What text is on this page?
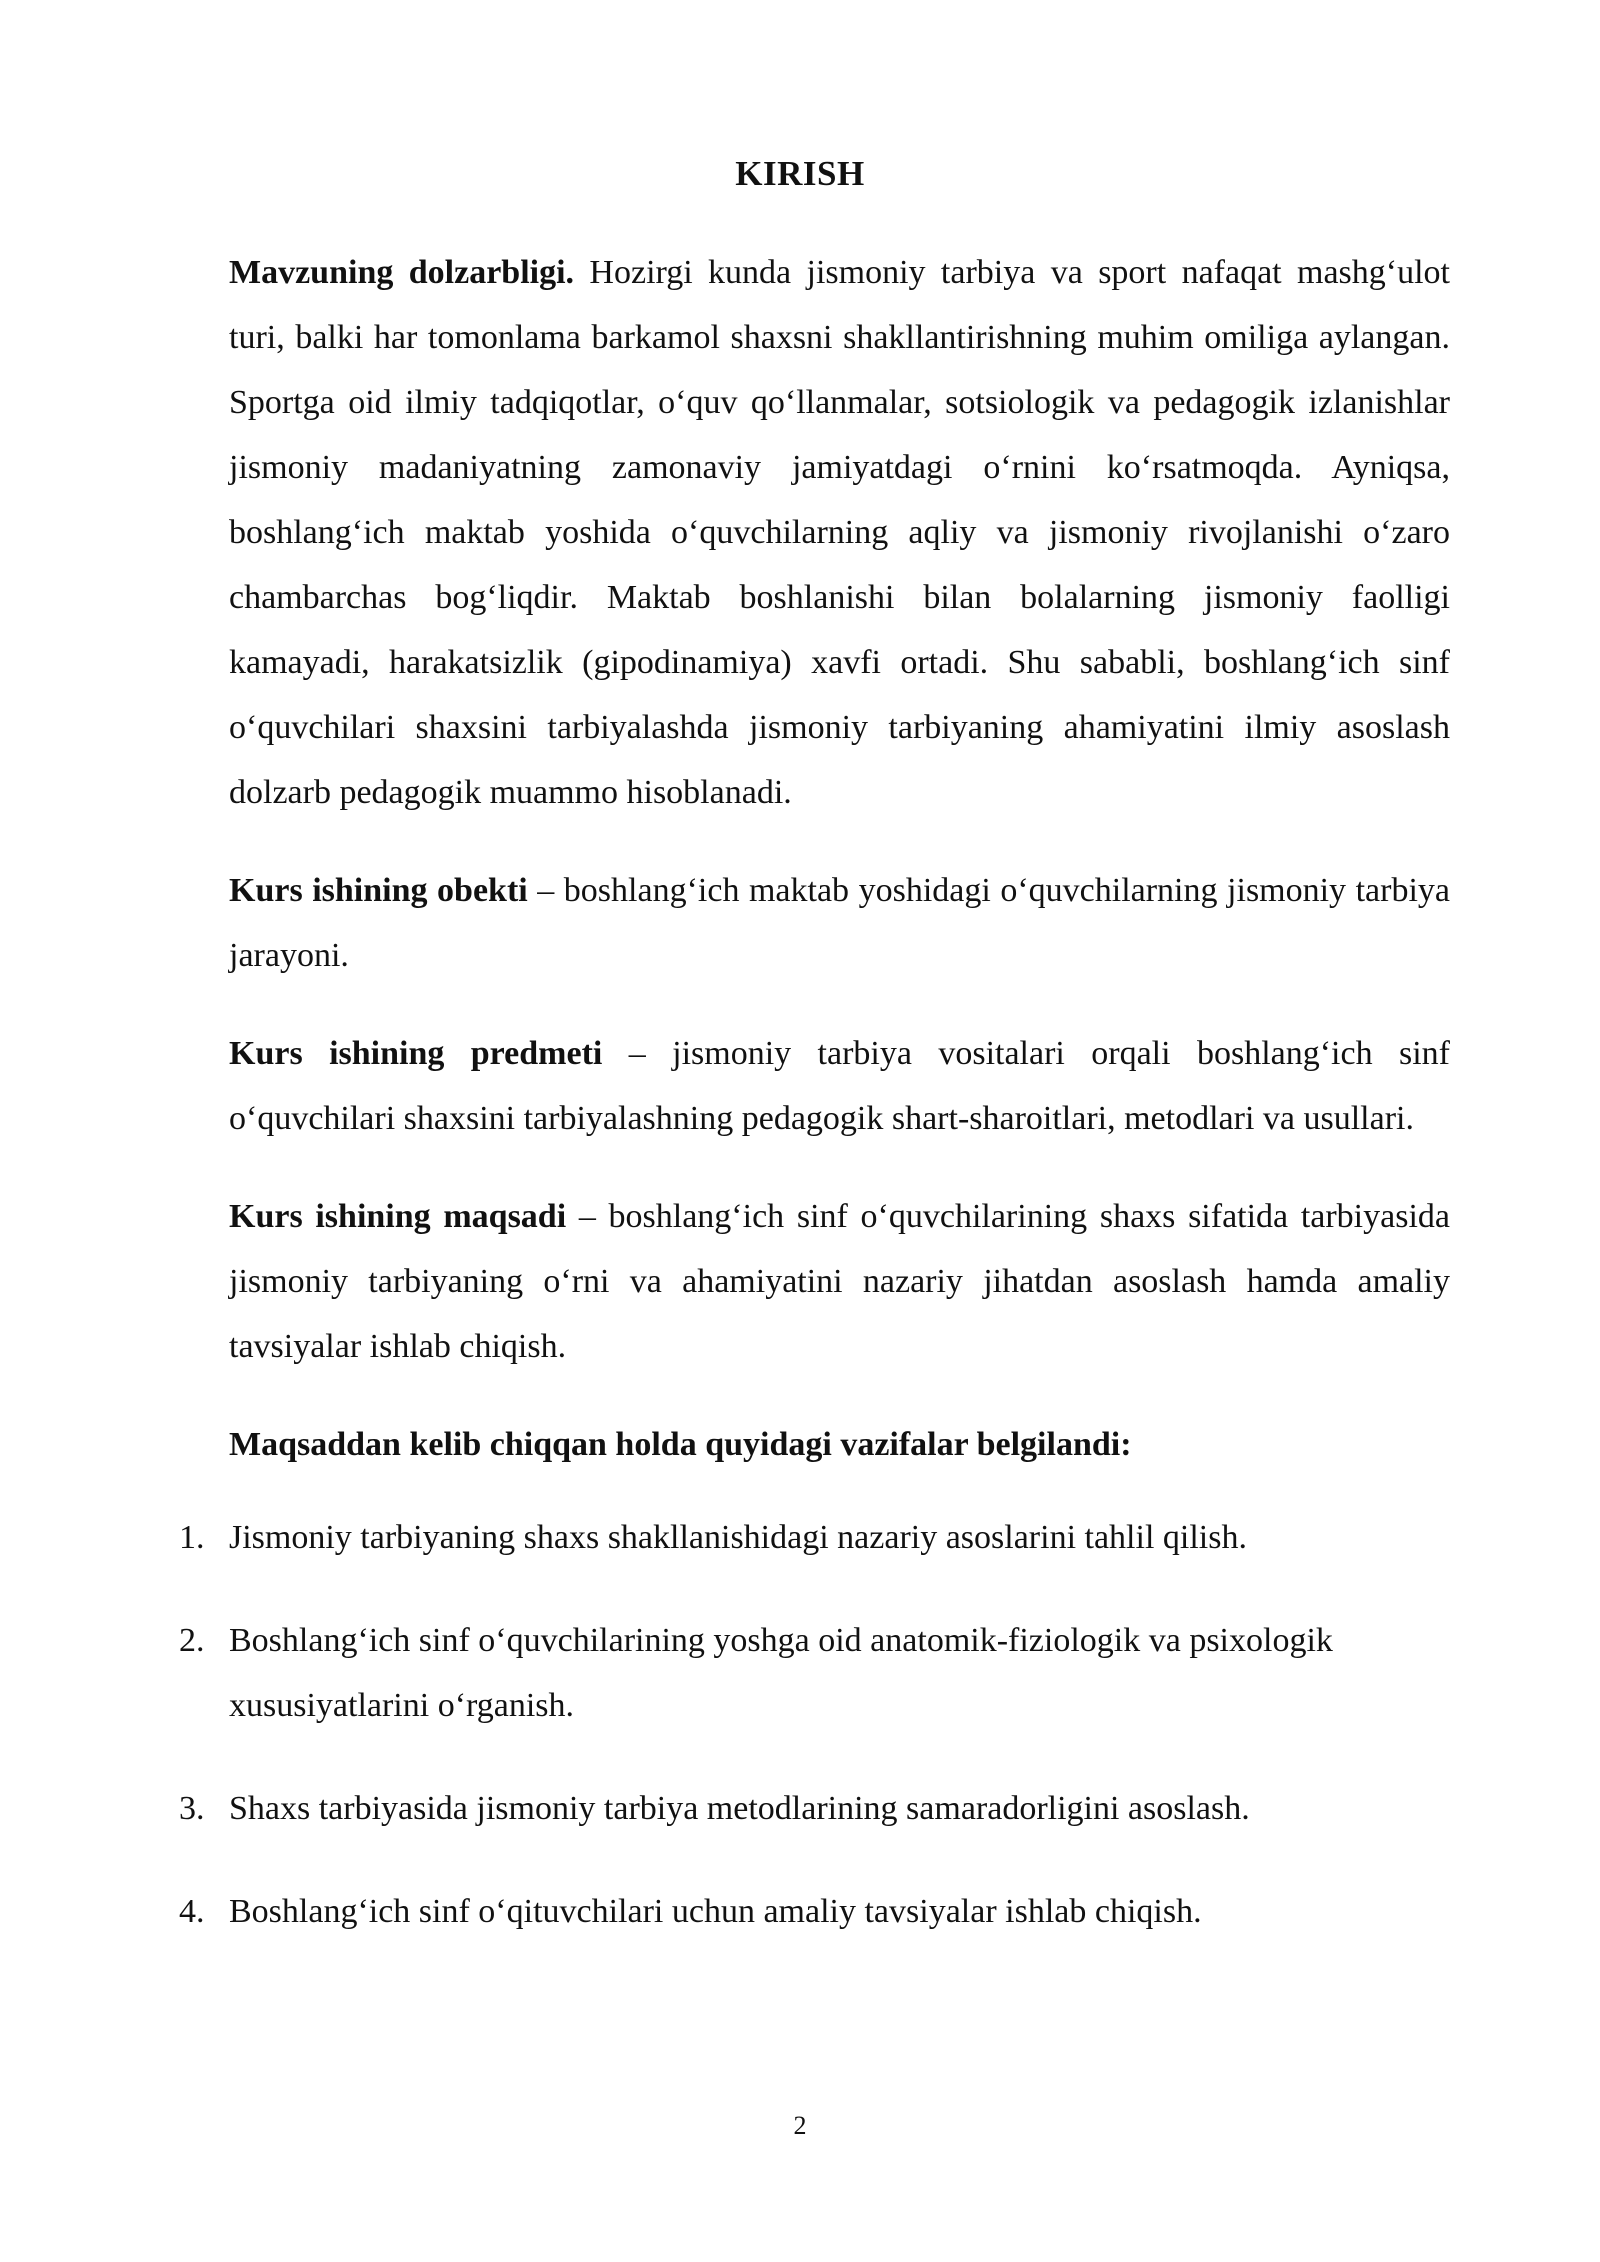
KIRISH

Mavzuning dolzarbligi. Hozirgi kunda jismoniy tarbiya va sport nafaqat mashg‘ulot turi, balki har tomonlama barkamol shaxsni shakllantirishning muhim omiliga aylangan. Sportga oid ilmiy tadqiqotlar, o‘quv qo‘llanmalar, sotsiologik va pedagogik izlanishlar jismoniy madaniyatning zamonaviy jamiyatdagi o‘rnini ko‘rsatmoqda. Ayniqsa, boshlang‘ich maktab yoshida o‘quvchilarning aqliy va jismoniy rivojlanishi o‘zaro chambarchas bog‘liqdir. Maktab boshlanishi bilan bolalarning jismoniy faolligi kamayadi, harakatsizlik (gipodinamiya) xavfi ortadi. Shu sababli, boshlang‘ich sinf o‘quvchilari shaxsini tarbiyalashda jismoniy tarbiyaning ahamiyatini ilmiy asoslash dolzarb pedagogik muammo hisoblanadi.

Kurs ishining obekti – boshlang‘ich maktab yoshidagi o‘quvchilarning jismoniy tarbiya jarayoni.

Kurs ishining predmeti – jismoniy tarbiya vositalari orqali boshlang‘ich sinf o‘quvchilari shaxsini tarbiyalashning pedagogik shart-sharoitlari, metodlari va usullari.

Kurs ishining maqsadi – boshlang‘ich sinf o‘quvchilarining shaxs sifatida tarbiyasida jismoniy tarbiyaning o‘rni va ahamiyatini nazariy jihatdan asoslash hamda amaliy tavsiyalar ishlab chiqish.

Maqsaddan kelib chiqqan holda quyidagi vazifalar belgilandi:

1. Jismoniy tarbiyaning shaxs shakllanishidagi nazariy asoslarini tahlil qilish.
2. Boshlang‘ich sinf o‘quvchilarining yoshga oid anatomik-fiziologik va psixologik xususiyatlarini o‘rganish.
3. Shaxs tarbiyasida jismoniy tarbiya metodlarining samaradorligini asoslash.
4. Boshlang‘ich sinf o‘qituvchilari uchun amaliy tavsiyalar ishlab chiqish.
2
